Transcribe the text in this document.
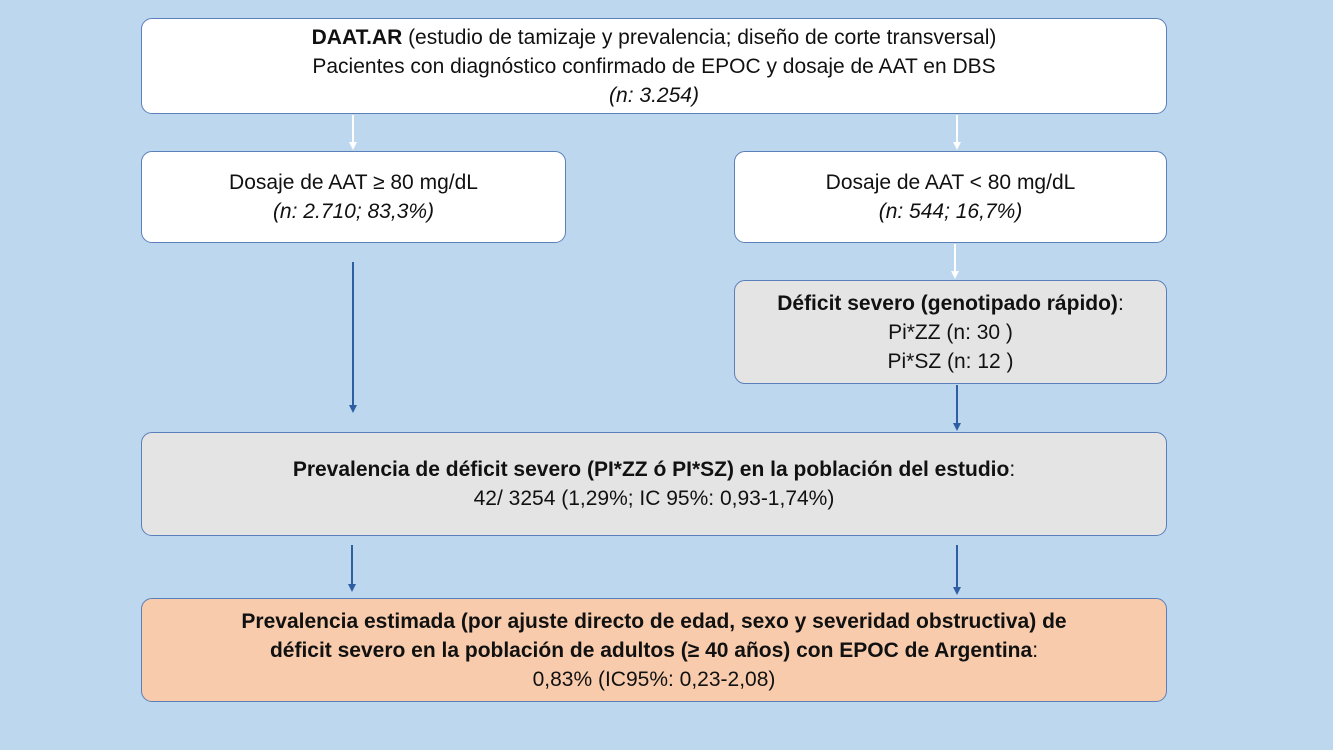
DAAT.AR (estudio de tamizaje y prevalencia; diseño de corte transversal)
Pacientes con diagnóstico confirmado de EPOC y dosaje de AAT en DBS
(n: 3.254)
Dosaje de AAT ≥ 80 mg/dL
(n: 2.710; 83,3%)
Dosaje de AAT < 80 mg/dL
(n: 544; 16,7%)
Déficit severo (genotipado rápido):
Pi*ZZ (n: 30 )
Pi*SZ (n: 12 )
Prevalencia de déficit severo (PI*ZZ ó PI*SZ) en la población del estudio:
42/ 3254 (1,29%; IC 95%: 0,93-1,74%)
Prevalencia estimada (por ajuste directo de edad, sexo y severidad obstructiva) de
déficit severo en la población de adultos (≥ 40 años) con EPOC de Argentina:
0,83% (IC95%: 0,23-2,08)
